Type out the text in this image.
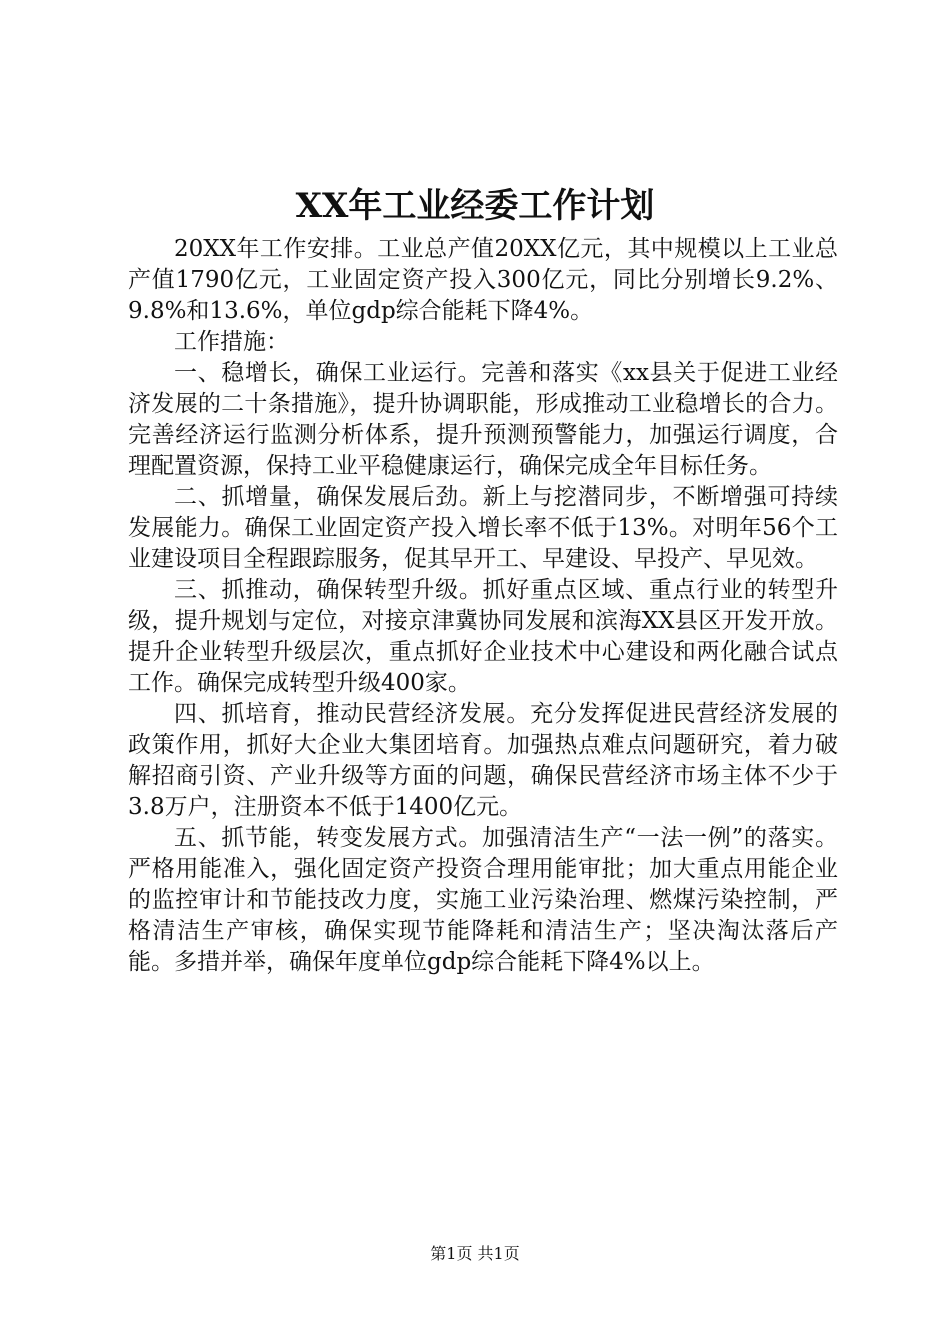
XX年工业经委工作计划

20XX年工作安排。工业总产值20XX亿元，其中规模以上工业总产值1790亿元，工业固定资产投入300亿元，同比分别增长9.2%、9.8%和13.6%，单位gdp综合能耗下降4%。

工作措施：

一、稳增长，确保工业运行。完善和落实《xx县关于促进工业经济发展的二十条措施》，提升协调职能，形成推动工业稳增长的合力。完善经济运行监测分析体系，提升预测预警能力，加强运行调度，合理配置资源，保持工业平稳健康运行，确保完成全年目标任务。

二、抓增量，确保发展后劲。新上与挖潜同步，不断增强可持续发展能力。确保工业固定资产投入增长率不低于13%。对明年56个工业建设项目全程跟踪服务，促其早开工、早建设、早投产、早见效。

三、抓推动，确保转型升级。抓好重点区域、重点行业的转型升级，提升规划与定位，对接京津冀协同发展和滨海XX县区开发开放。提升企业转型升级层次，重点抓好企业技术中心建设和两化融合试点工作。确保完成转型升级400家。

四、抓培育，推动民营经济发展。充分发挥促进民营经济发展的政策作用，抓好大企业大集团培育。加强热点难点问题研究，着力破解招商引资、产业升级等方面的问题，确保民营经济市场主体不少于3.8万户，注册资本不低于1400亿元。

五、抓节能，转变发展方式。加强清洁生产“一法一例”的落实。严格用能准入，强化固定资产投资合理用能审批；加大重点用能企业的监控审计和节能技改力度，实施工业污染治理、燃煤污染控制，严格清洁生产审核，确保实现节能降耗和清洁生产；坚决淘汰落后产能。多措并举，确保年度单位gdp综合能耗下降4%以上。

第1页 共1页
